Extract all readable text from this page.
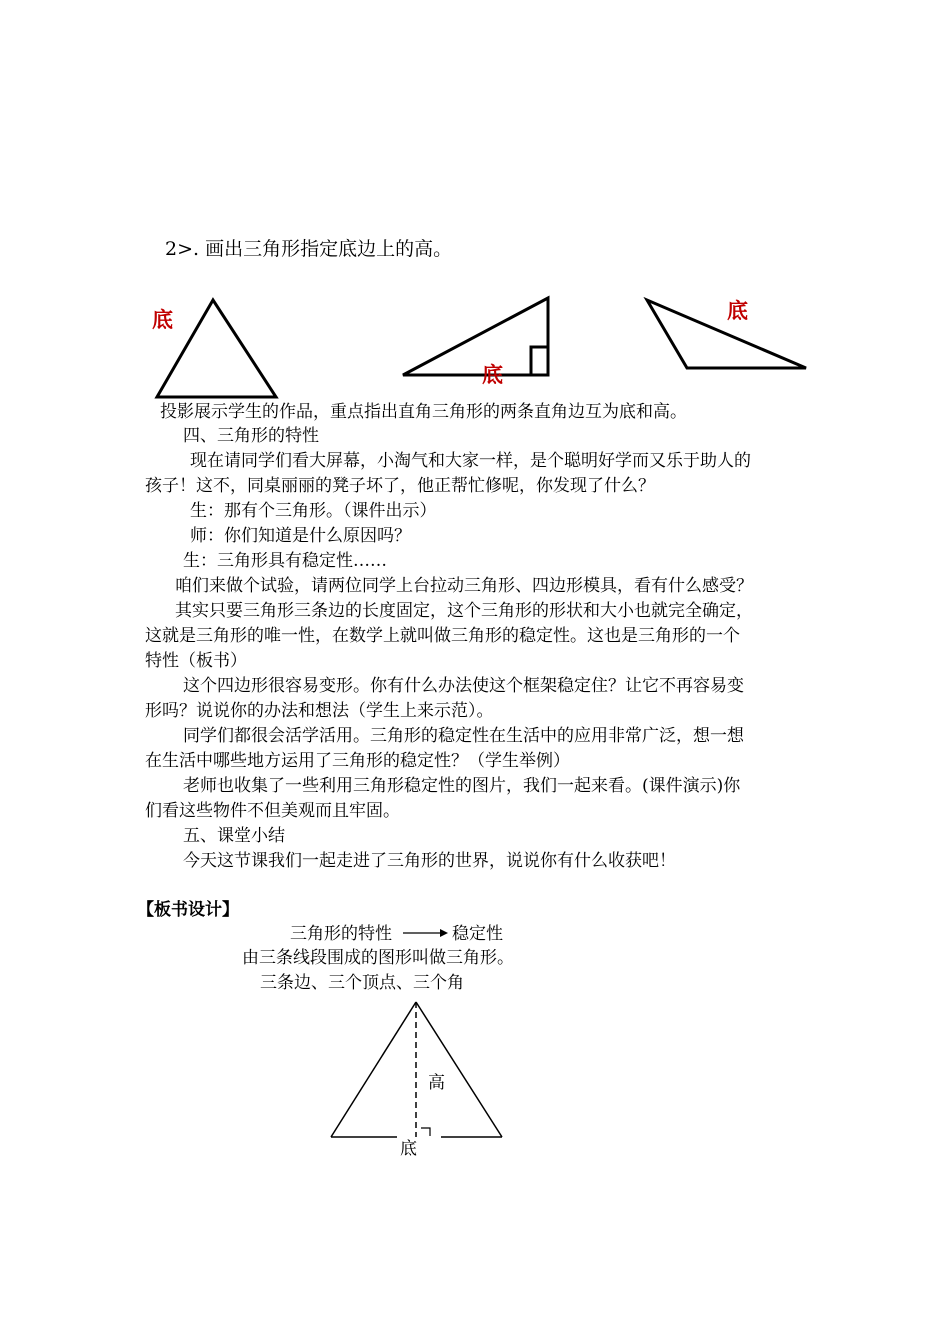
2>. 画出三角形指定底边上的高。
底
底
底
投影展示学生的作品，重点指出直角三角形的两条直角边互为底和高。
四、三角形的特性
现在请同学们看大屏幕，小淘气和大家一样，是个聪明好学而又乐于助人的
孩子！这不，同桌丽丽的凳子坏了，他正帮忙修呢，你发现了什么？
生：那有个三角形。（课件出示）
师：你们知道是什么原因吗？
生：三角形具有稳定性……
咱们来做个试验，请两位同学上台拉动三角形、四边形模具，看有什么感受？
其实只要三角形三条边的长度固定，这个三角形的形状和大小也就完全确定，
这就是三角形的唯一性，在数学上就叫做三角形的稳定性。这也是三角形的一个
特性（板书）
这个四边形很容易变形。你有什么办法使这个框架稳定住？让它不再容易变
形吗？说说你的办法和想法（学生上来示范）。
同学们都很会活学活用。三角形的稳定性在生活中的应用非常广泛，想一想
在生活中哪些地方运用了三角形的稳定性？（学生举例）
老师也收集了一些利用三角形稳定性的图片，我们一起来看。(课件演示)你
们看这些物件不但美观而且牢固。
五、课堂小结
今天这节课我们一起走进了三角形的世界，说说你有什么收获吧！
【板书设计】
三角形的特性	稳定性
由三条线段围成的图形叫做三角形。
三条边、三个顶点、三个角
高
底
